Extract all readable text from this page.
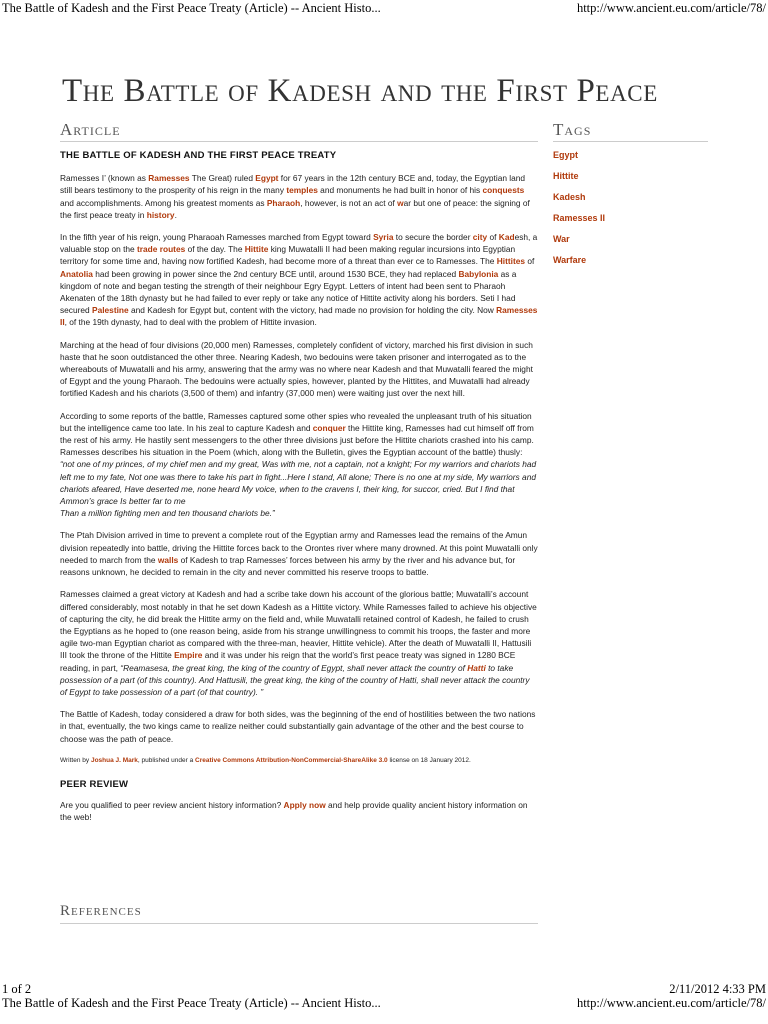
The Battle of Kadesh and the First Peace Treaty (Article) -- Ancient Histo...	http://www.ancient.eu.com/article/78/
The Battle of Kadesh and the First Peace
Article	Tags
Egypt
Hittite
Kadesh
Ramesses II
War
Warfare
THE BATTLE OF KADESH AND THE FIRST PEACE TREATY

Ramesses I’ (known as Ramesses The Great) ruled Egypt for 67 years in the 12th century BCE and, today, the Egyptian land still bears testimony to the prosperity of his reign in the many temples and monuments he had built in honor of his conquests and accomplishments. Among his greatest moments as Pharaoh, however, is not an act of war but one of peace: the signing of the first peace treaty in history.

In the fifth year of his reign, young Pharaoah Ramesses marched from Egypt toward Syria to secure the border city of Kadesh, a valuable stop on the trade routes of the day. The Hittite king Muwatalli II had been making regular incursions into Egyptian territory for some time and, having now fortified Kadesh, had become more of a threat than ever ce to Ramesses. The Hittites of Anatolia had been growing in power since the 2nd century BCE until, around 1530 BCE, they had replaced Babylonia as a kingdom of note and began testing the strength of their neighbour Egry Egypt. Letters of intent had been sent to Pharaoh Akenaten of the 18th dynasty but he had failed to ever reply or take any notice of Hittite activity along his borders. Seti I had secured Palestine and Kadesh for Egypt but, content with the victory, had made no provision for holding the city. Now Ramesses II, of the 19th dynasty, had to deal with the problem of Hittite invasion.

Marching at the head of four divisions (20,000 men) Ramesses, completely confident of victory, marched his first division in such haste that he soon outdistanced the other three. Nearing Kadesh, two bedouins were taken prisoner and interrogated as to the whereabouts of Muwatalli and his army, answering that the army was no where near Kadesh and that Muwatalli feared the might of Egypt and the young Pharaoh. The bedouins were actually spies, however, planted by the Hittites, and Muwatalli had already fortified Kadesh and his chariots (3,500 of them) and infantry (37,000 men) were waiting just over the next hill.

According to some reports of the battle, Ramesses captured some other spies who revealed the unpleasant truth of his situation but the intelligence came too late. In his zeal to capture Kadesh and conquer the Hittite king, Ramesses had cut himself off from the rest of his army. He hastily sent messengers to the other three divisions just before the Hittite chariots crashed into his camp. Ramesses describes his situation in the Poem (which, along with the Bulletin, gives the Egyptian account of the battle) thusly: “not one of my princes, of my chief men and my great, Was with me, not a captain, not a knight; For my warriors and chariots had left me to my fate, Not one was there to take his part in fight...Here I stand, All alone; There is no one at my side, My warriors and chariots afeared, Have deserted me, none heard My voice, when to the cravens I, their king, for succor, cried. But I find that Ammon’s grace Is better far to me
Than a million fighting men and ten thousand chariots be.”

The Ptah Division arrived in time to prevent a complete rout of the Egyptian army and Ramesses lead the remains of the Amun division repeatedly into battle, driving the Hittite forces back to the Orontes river where many drowned. At this point Muwatalli only needed to march from the walls of Kadesh to trap Ramesses’ forces between his army by the river and his advance but, for reasons unknown, he decided to remain in the city and never committed his reserve troops to battle.

Ramesses claimed a great victory at Kadesh and had a scribe take down his account of the glorious battle; Muwatalli’s account differed considerably, most notably in that he set down Kadesh as a Hittite victory. While Ramesses failed to achieve his objective of capturing the city, he did break the Hittite army on the field and, while Muwatalli retained control of Kadesh, he failed to crush the Egyptians as he hoped to (one reason being, aside from his strange unwillingness to commit his troops, the faster and more agile two-man Egyptian chariot as compared with the three-man, heavier, Hittite vehicle). After the death of Muwatalli II, Hattusili III took the throne of the Hittite Empire and it was under his reign that the world’s first peace treaty was signed in 1280 BCE reading, in part, “Reamasesa, the great king, the king of the country of Egypt, shall never attack the country of Hatti to take possession of a part (of this country). And Hattusili, the great king, the king of the country of Hatti, shall never attack the country of Egypt to take possession of a part (of that country). ”

The Battle of Kadesh, today considered a draw for both sides, was the beginning of the end of hostilities between the two nations in that, eventually, the two kings came to realize neither could substantially gain advantage of the other and the best course to choose was the path of peace.

Written by Joshua J. Mark, published under a Creative Commons Attribution-NonCommercial-ShareAlike 3.0 license on 18 January 2012.
PEER REVIEW

Are you qualified to peer review ancient history information? Apply now and help provide quality ancient history information on the web!

References
1 of 2	2/11/2012 4:33 PM
The Battle of Kadesh and the First Peace Treaty (Article) -- Ancient Histo...	http://www.ancient.eu.com/article/78/
